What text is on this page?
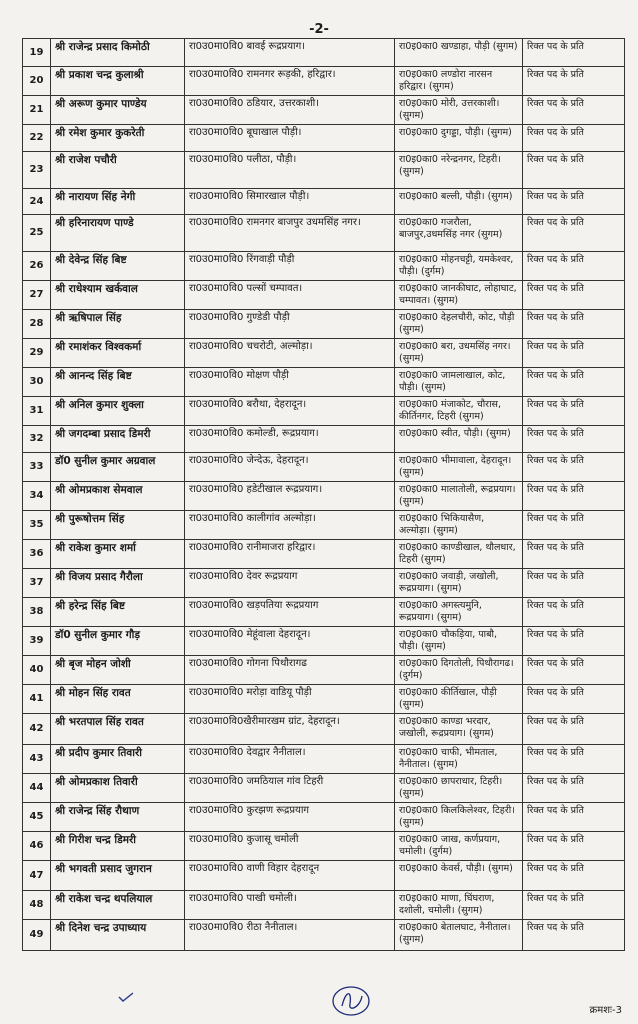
-2-
19	श्री राजेन्द्र प्रसाद किमोठी	रा0उ0मा0वि0 बावई रूद्रप्रयाग।	रा0इ0का0 खण्डाहा, पौड़ी (सुगम)	रिक्त पद के प्रति
20	श्री प्रकाश चन्द्र कुलाश्री	रा0उ0मा0वि0 रामनगर रूड़की, हरिद्वार।	रा0इ0का0 लण्डोरा नारसन हरिद्वार। (सुगम)	रिक्त पद के प्रति
21	श्री अरूण कुमार पाण्डेय	रा0उ0मा0वि0 ठडियार, उत्तरकाशी।	रा0इ0का0 मोरी, उत्तरकाशी। (सुगम)	रिक्त पद के प्रति
22	श्री रमेश कुमार कुकरेती	रा0उ0मा0वि0 बूघाखाल पौड़ी।	रा0इ0का0 दुगड्डा, पौड़ी। (सुगम)	रिक्त पद के प्रति
23	श्री राजेश पचौरी	रा0उ0मा0वि0 पलीठा, पौड़ी।	रा0इ0का0 नरेन्द्रनगर, टिहरी। (सुगम)	रिक्त पद के प्रति
24	श्री नारायण सिंह नेगी	रा0उ0मा0वि0 सिमारखाल पौड़ी।	रा0इ0का0 बल्ली, पौड़ी। (सुगम)	रिक्त पद के प्रति
25	श्री हरिनारायण पाण्डे	रा0उ0मा0वि0 रामनगर बाजपुर उधमसिंह नगर।	रा0इ0का0 गजरौला, बाजपुर,उधमसिंह नगर (सुगम)	रिक्त पद के प्रति
26	श्री देवेन्द्र सिंह बिष्ट	रा0उ0मा0वि0 रिंगवाड़ी पौड़ी	रा0इ0का0 मोहनचट्टी, यमकेश्वर, पौड़ी। (दुर्गम)	रिक्त पद के प्रति
27	श्री राधेश्याम खर्कवाल	रा0उ0मा0वि0 पल्सों चम्पावत।	रा0इ0का0 जानकीघाट, लोहाघाट, चम्पावत। (सुगम)	रिक्त पद के प्रति
28	श्री ऋषिपाल सिंह	रा0उ0मा0वि0 गुण्डेडी पौड़ी	रा0इ0का0 देहलचौरी, कोट, पौड़ी (सुगम)	रिक्त पद के प्रति
29	श्री रमाशंकर विश्वकर्मा	रा0उ0मा0वि0 चचरोटी, अल्मोड़ा।	रा0इ0का0 बरा, उधमसिंह नगर। (सुगम)	रिक्त पद के प्रति
30	श्री आनन्द सिंह बिष्ट	रा0उ0मा0वि0 मोक्षण पौड़ी	रा0इ0का0 जामलाखाल, कोट, पौड़ी। (सुगम)	रिक्त पद के प्रति
31	श्री अनिल कुमार शुक्ला	रा0उ0मा0वि0 बरौथा, देहरादून।	रा0इ0का0 मंजाकोट, चौरास, कीर्तिनगर, टिहरी (सुगम)	रिक्त पद के प्रति
32	श्री जगदम्बा प्रसाद डिमरी	रा0उ0मा0वि0 कमोल्डी, रूद्रप्रयाग।	रा0इ0का0 स्वीत, पौड़ी। (सुगम)	रिक्त पद के प्रति
33	डॉ0 सुनील कुमार अग्रवाल	रा0उ0मा0वि0 जेन्देऊ, देहरादून।	रा0इ0का0 भीमावाला, देहरादून। (सुगम)	रिक्त पद के प्रति
34	श्री ओमप्रकाश सेमवाल	रा0उ0मा0वि0 हडेटीखाल रूद्रप्रयाग।	रा0इ0का0 मालातोली, रूद्रप्रयाग। (सुगम)	रिक्त पद के प्रति
35	श्री पुरूषोत्तम सिंह	रा0उ0मा0वि0 कालीगांव अल्मोड़ा।	रा0इ0का0 भिकियासैण, अल्मोड़ा। (सुगम)	रिक्त पद के प्रति
36	श्री राकेश कुमार शर्मा	रा0उ0मा0वि0 रानीमाजरा हरिद्वार।	रा0इ0का0 काण्डीखाल, थौलधार, टिहरी (सुगम)	रिक्त पद के प्रति
37	श्री विजय प्रसाद गैरौला	रा0उ0मा0वि0 देवर रूद्रप्रयाग	रा0इ0का0 जवाड़ी, जखोली, रूद्रप्रयाग। (सुगम)	रिक्त पद के प्रति
38	श्री हरेन्द्र सिंह बिष्ट	रा0उ0मा0वि0 खड़पतिया रूद्रप्रयाग	रा0इ0का0 अगस्त्यमुनि, रूद्रप्रयाग। (सुगम)	रिक्त पद के प्रति
39	डॉ0 सुनील कुमार गौड़	रा0उ0मा0वि0 मेहूंवाला देहरादून।	रा0इ0का0 चौकड़िया, पाबौ, पौड़ी। (सुगम)	रिक्त पद के प्रति
40	श्री बृज मोहन जोशी	रा0उ0मा0वि0 गोगना पिथौरागढ	रा0इ0का0 दिगतोली, पिथौरागढ। (दुर्गम)	रिक्त पद के प्रति
41	श्री मोहन सिंह रावत	रा0उ0मा0वि0 मरोड़ा वाडियू पौड़ी	रा0इ0का0 कीर्तिखाल, पौड़ी (सुगम)	रिक्त पद के प्रति
42	श्री भरतपाल सिंह रावत	रा0उ0मा0वि0खैरीमारखम ग्रांट, देहरादून।	रा0इ0का0 काण्डा भरदार, जखोली, रूद्रप्रयाग। (सुगम)	रिक्त पद के प्रति
43	श्री प्रदीप कुमार तिवारी	रा0उ0मा0वि0 देवद्वार नैनीताल।	रा0इ0का0 चाफी, भीमताल, नैनीताल। (सुगम)	रिक्त पद के प्रति
44	श्री ओमप्रकाश तिवारी	रा0उ0मा0वि0 जमठियाल गांव टिहरी	रा0इ0का0 छापराधार, टिहरी। (सुगम)	रिक्त पद के प्रति
45	श्री राजेन्द्र सिंह रौथाण	रा0उ0मा0वि0 कुरझण रूद्रप्रयाग	रा0इ0का0 किलकिलेश्वर, टिहरी। (सुगम)	रिक्त पद के प्रति
46	श्री गिरीश चन्द्र डिमरी	रा0उ0मा0वि0 कुजासू चमोली	रा0इ0का0 जाख, कर्णप्रयाग, चमोली। (दुर्गम)	रिक्त पद के प्रति
47	श्री भगवती प्रसाद जुगरान	रा0उ0मा0वि0 वाणी विहार देहरादून	रा0इ0का0 केवर्स, पौड़ी। (सुगम)	रिक्त पद के प्रति
48	श्री राकेश चन्द्र थपलियाल	रा0उ0मा0वि0 पाखी चमोली।	रा0इ0का0 माणा, घिंघराण, दशोली, चमोली। (सुगम)	रिक्त पद के प्रति
49	श्री दिनेश चन्द्र उपाध्याय	रा0उ0मा0वि0 रीठा नैनीताल।	रा0इ0का0 बेतालघाट, नैनीताल। (सुगम)	रिक्त पद के प्रति
क्रमशः-3
